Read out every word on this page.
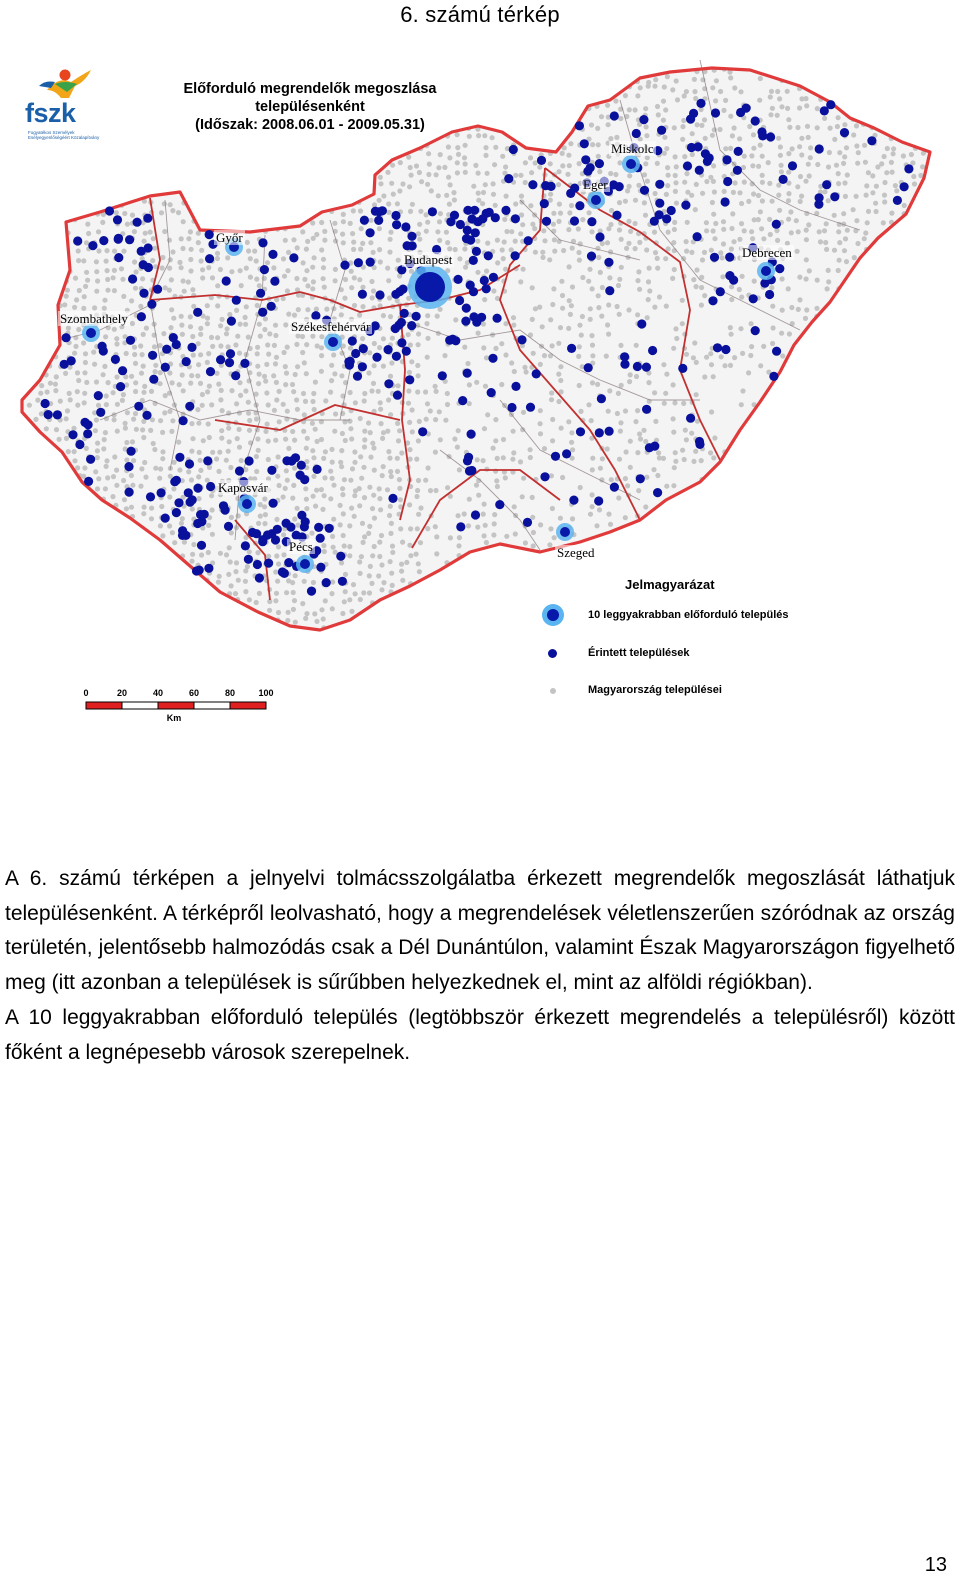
6. számú térkép
fszk
Fogyatékos Személyek Esélyegyenlőségéért Közalapítvány
Előforduló megrendelők megoszlása
településenként
(Időszak: 2008.06.01 - 2009.05.31)
Győr
Budapest
Szombathely
Székesfehérvár
Miskolc
Eger
Debrecen
Kaposvár
Pécs	Szeged
Jelmagyarázat
10 leggyakrabban előforduló település
Érintett települések
Magyarország települései
0	20	40	60	80	100
Km

A 6. számú térképen a jelnyelvi tolmácsszolgálatba érkezett megrendelők megoszlását láthatjuk településenként. A térképről leolvasható, hogy a megrendelések véletlenszerűen szóródnak az ország területén, jelentősebb halmozódás csak a Dél Dunántúlon, valamint Észak Magyarországon figyelhető meg (itt azonban a települések is sűrűbben helyezkednek el, mint az alföldi régiókban).

A 10 leggyakrabban előforduló település (legtöbbször érkezett megrendelés a településről) között főként a legnépesebb városok szerepelnek.

13
